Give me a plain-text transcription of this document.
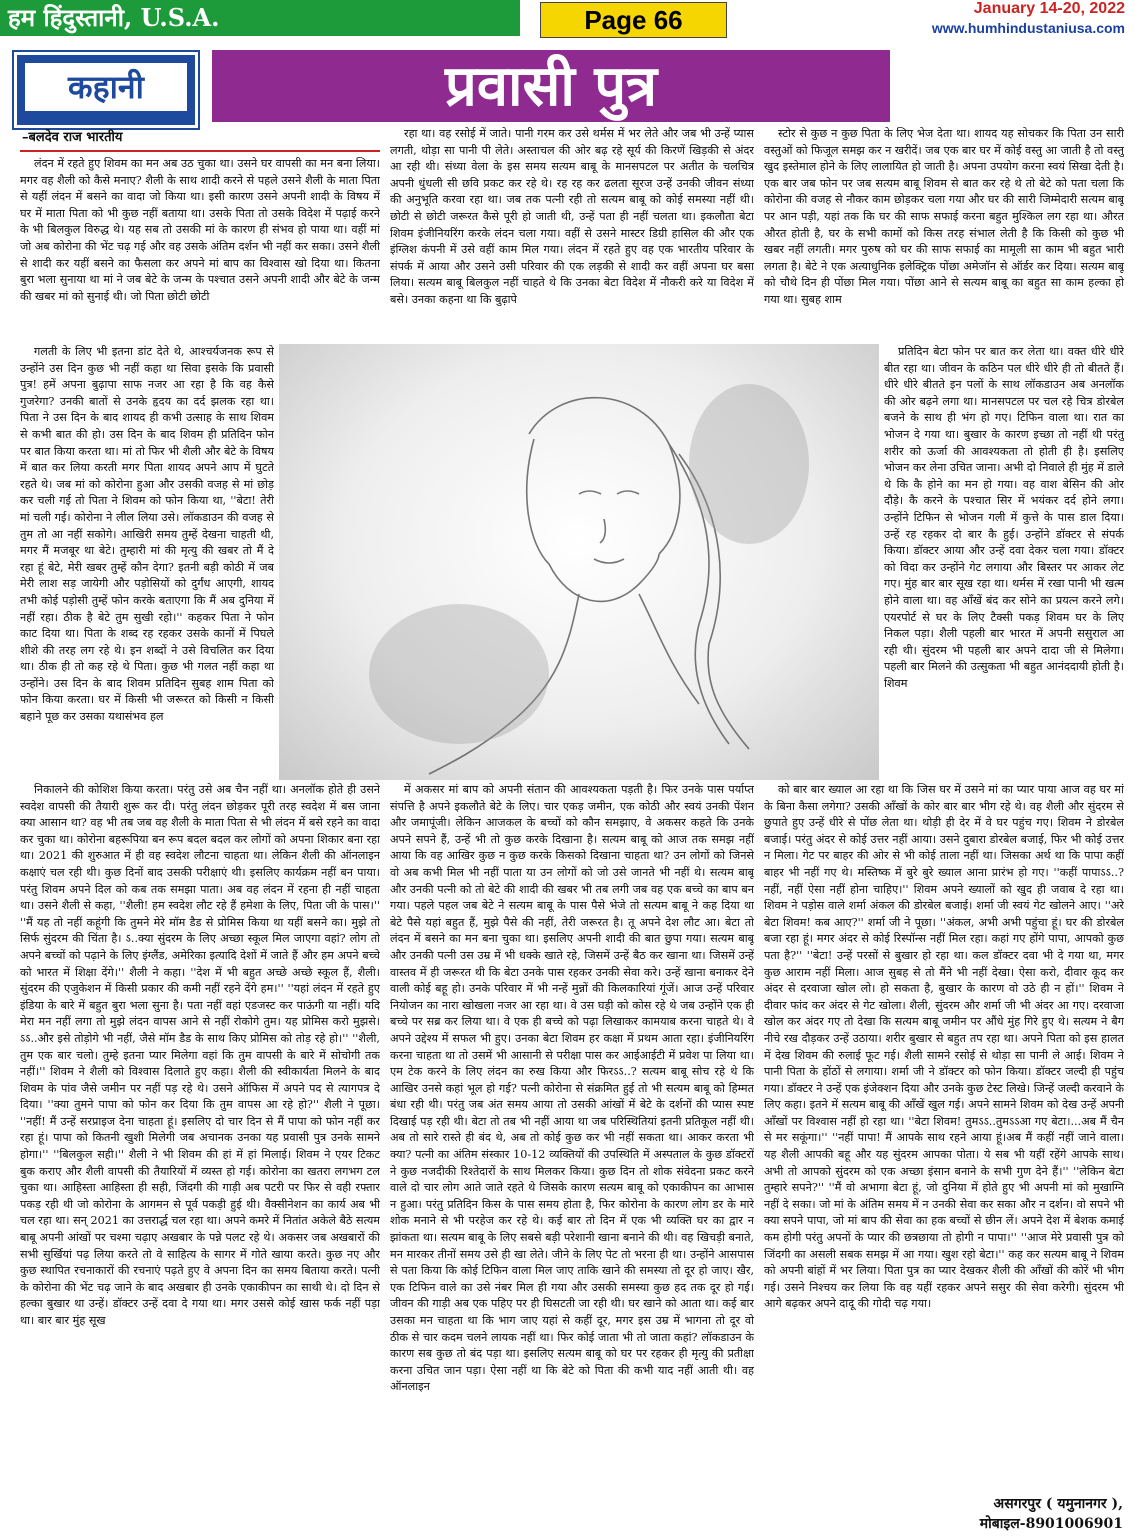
हम हिंदुस्तानी, U.S.A.	Page 66	January 14-20, 2022
www.humhindustaniusa.com
कहानी	प्रवासी पुत्र
–बलदेव राज भारतीय

लंदन में रहते हुए शिवम का मन अब उठ चुका था। उसने घर वापसी का मन बना लिया। मगर वह शैली को कैसे मनाए? शैली के साथ शादी करने से पहले उसने शैली के माता पिता से यहीं लंदन में बसने का वादा जो किया था। इसी कारण उसने अपनी शादी के विषय में घर में माता पिता को भी कुछ नहीं बताया था। उसके पिता तो उसके विदेश में पढ़ाई करने के भी बिलकुल विरुद्ध थे। यह सब तो उसकी मां के कारण ही संभव हो पाया था। वहीं मां जो अब कोरोना की भेंट चढ़ गई और वह उसके अंतिम दर्शन भी नहीं कर सका। उसने शैली से शादी कर यहीं बसने का फैसला कर अपने मां बाप का विश्वास खो दिया था। कितना बुरा भला सुनाया था मां ने जब बेटे के जन्म के पश्चात उसने अपनी शादी और बेटे के जन्म की खबर मां को सुनाई थी। जो पिता छोटी छोटी

गलती के लिए भी इतना डांट देते थे, आश्चर्यजनक रूप से उन्होंने उस दिन कुछ भी नहीं कहा था सिवा इसके कि प्रवासी पुत्र! हमें अपना बुढ़ापा साफ नजर आ रहा है कि वह कैसे गुजरेगा? उनकी बातों से उनके हृदय का दर्द झलक रहा था। पिता ने उस दिन के बाद शायद ही कभी उत्साह के साथ शिवम से कभी बात की हो। उस दिन के बाद शिवम ही प्रतिदिन फोन पर बात किया करता था। मां तो फिर भी शैली और बेटे के विषय में बात कर लिया करती मगर पिता शायद अपने आप में घुटते रहते थे। जब मां को कोरोना हुआ और उसकी वजह से मां छोड़ कर चली गई तो पिता ने शिवम को फोन किया था, ''बेटा! तेरी मां चली गई। कोरोना ने लील लिया उसे। लॉकडाउन की वजह से तुम तो आ नहीं सकोगे। आखिरी समय तुम्हें देखना चाहती थी, मगर मैं मजबूर था बेटे। तुम्हारी मां की मृत्यु की खबर तो मैं दे रहा हूं बेटे, मेरी खबर तुम्हें कौन देगा? इतनी बड़ी कोठी में जब मेरी लाश सड़ जायेगी और पड़ोसियों को दुर्गंध आएगी, शायद तभी कोई पड़ोसी तुम्हें फोन करके बताएगा कि मैं अब दुनिया में नहीं रहा। ठीक है बेटे तुम सुखी रहो।'' कहकर पिता ने फोन काट दिया था। पिता के शब्द रह रहकर उसके कानों में पिघले शीशे की तरह लग रहे थे। इन शब्दों ने उसे विचलित कर दिया था। ठीक ही तो कह रहे थे पिता। कुछ भी गलत नहीं कहा था उन्होंने। उस दिन के बाद शिवम प्रतिदिन सुबह शाम पिता को फोन किया करता। घर में किसी भी जरूरत को किसी न किसी बहाने पूछ कर उसका यथासंभव हल

निकालने की कोशिश किया करता। परंतु उसे अब चैन नहीं था। अनलॉक होते ही उसने स्वदेश वापसी की तैयारी शुरू कर दी। परंतु लंदन छोड़कर पूरी तरह स्वदेश में बस जाना क्या आसान था? वह भी तब जब वह शैली के माता पिता से भी लंदन में बसे रहने का वादा कर चुका था। कोरोना बहरूपिया बन रूप बदल बदल कर लोगों को अपना शिकार बना रहा था। 2021 की शुरुआत में ही वह स्वदेश लौटना चाहता था। लेकिन शैली की ऑनलाइन कक्षाएं चल रही थी। कुछ दिनों बाद उसकी परीक्षाएं थी। इसलिए कार्यक्रम नहीं बन पाया। परंतु शिवम अपने दिल को कब तक समझा पाता। अब वह लंदन में रहना ही नहीं चाहता था। उसने शैली से कहा, ''शैली! हम स्वदेश लौट रहे हैं हमेशा के लिए, पिता जी के पास।'' ''मैं यह तो नहीं कहूंगी कि तुमने मेरे मॉम डैड से प्रोमिस किया था यहीं बसने का। मुझे तो सिर्फ सुंदरम की चिंता है। ऽ..क्या सुंदरम के लिए अच्छा स्कूल मिल जाएगा वहां? लोग तो अपने बच्चों को पढ़ाने के लिए इंग्लैंड, अमेरिका इत्यादि देशों में जाते हैं और हम अपने बच्चे को भारत में शिक्षा देंगे।'' शैली ने कहा। ''देश में भी बहुत अच्छे अच्छे स्कूल हैं, शैली। सुंदरम की एजुकेशन में किसी प्रकार की कमी नहीं रहने देंगे हम।'' ''यहां लंदन में रहते हुए इंडिया के बारे में बहुत बुरा भला सुना है। पता नहीं वहां एडजस्ट कर पाऊंगी या नहीं। यदि मेरा मन नहीं लगा तो मुझे लंदन वापस आने से नहीं रोकोगे तुम। यह प्रोमिस करो मुझसे।ऽऽ..और इसे तोड़ोगे भी नहीं, जैसे मॉम डैड के साथ किए प्रोमिस को तोड़ रहे हो।'' ''शैली, तुम एक बार चलो। तुम्हे इतना प्यार मिलेगा वहां कि तुम वापसी के बारे में सोचोगी तक नहीं।'' शिवम ने शैली को विश्वास दिलाते हुए कहा। शैली की स्वीकार्यता मिलने के बाद शिवम के पांव जैसे जमीन पर नहीं पड़ रहे थे। उसने ऑफिस में अपने पद से त्यागपत्र दे दिया। ''क्या तुमने पापा को फोन कर दिया कि तुम वापस आ रहे हो?'' शैली ने पूछा। ''नहीं! मैं उन्हें सरप्राइज देना चाहता हूं। इसलिए दो चार दिन से मैं पापा को फोन नहीं कर रहा हूं। पापा को कितनी खुशी मिलेगी जब अचानक उनका यह प्रवासी पुत्र उनके सामने होगा।'' ''बिलकुल सही।'' शैली ने भी शिवम की हां में हां मिलाई। शिवम ने एयर टिकट बुक कराए और शैली वापसी की तैयारियों में व्यस्त हो गई। कोरोना का खतरा लगभग टल चुका था। आहिस्ता आहिस्ता ही सही, जिंदगी की गाड़ी अब पटरी पर फिर से वही रफ्तार पकड़ रही थी जो कोरोना के आगमन से पूर्व पकड़ी हुई थी। वैक्सीनेशन का कार्य अब भी चल रहा था। सन् 2021 का उत्तरार्द्ध चल रहा था। अपने कमरे में नितांत अकेले बैठे सत्यम बाबू अपनी आंखों पर चश्मा चढ़ाए अखबार के पन्ने पलट रहे थे। अकसर जब अखबारों की सभी सुर्खियां पढ़ लिया करते तो वे साहित्य के सागर में गोते खाया करते। कुछ नए और कुछ स्थापित रचनाकारों की रचनाएं पढ़ते हुए वे अपना दिन का समय बिताया करते। पत्नी के कोरोना की भेंट चढ़ जाने के बाद अखबार ही उनके एकाकीपन का साथी थे। दो दिन से हल्का बुखार था उन्हें। डॉक्टर उन्हें दवा दे गया था। मगर उससे कोई खास फर्क नहीं पड़ा था। बार बार मुंह सूख

रहा था। वह रसोई में जाते। पानी गरम कर उसे थर्मस में भर लेते और जब भी उन्हें प्यास लगती, थोड़ा सा पानी पी लेते। अस्ताचल की ओर बढ़ रहे सूर्य की किरणें खिड़की से अंदर आ रही थी। संध्या वेला के इस समय सत्यम बाबू के मानसपटल पर अतीत के चलचित्र अपनी धुंधली सी छवि प्रकट कर रहे थे। रह रह कर ढलता सूरज उन्हें उनकी जीवन संध्या की अनुभूति करवा रहा था। जब तक पत्नी रही तो सत्यम बाबू को कोई समस्या नहीं थी। छोटी से छोटी जरूरत कैसे पूरी हो जाती थी, उन्हें पता ही नहीं चलता था। इकलौता बेटा शिवम इंजीनियरिंग करके लंदन चला गया। वहीं से उसने मास्टर डिग्री हासिल की और एक इंग्लिश कंपनी में उसे वहीं काम मिल गया। लंदन में रहते हुए वह एक भारतीय परिवार के संपर्क में आया और उसने उसी परिवार की एक लड़की से शादी कर वहीं अपना घर बसा लिया। सत्यम बाबू बिलकुल नहीं चाहते थे कि उनका बेटा विदेश में नौकरी करे या विदेश में बसे। उनका कहना था कि बुढ़ापे

में अकसर मां बाप को अपनी संतान की आवश्यकता पड़ती है। फिर उनके पास पर्याप्त संपत्ति है अपने इकलौते बेटे के लिए। चार एकड़ जमीन, एक कोठी और स्वयं उनकी पेंशन और जमापूंजी। लेकिन आजकल के बच्चों को कौन समझाए, वे अकसर कहते कि उनके अपने सपने हैं, उन्हें भी तो कुछ करके दिखाना है। सत्यम बाबू को आज तक समझ नहीं आया कि वह आखिर कुछ न कुछ करके किसको दिखाना चाहता था? उन लोगों को जिनसे वो अब कभी मिल भी नहीं पाता या उन लोगों को जो उसे जानते भी नहीं थे। सत्यम बाबू और उनकी पत्नी को तो बेटे की शादी की खबर भी तब लगी जब वह एक बच्चे का बाप बन गया। पहले पहल जब बेटे ने सत्यम बाबू के पास पैसे भेजे तो सत्यम बाबू ने कह दिया था बेटे पैसे यहां बहुत हैं, मुझे पैसे की नहीं, तेरी जरूरत है। तू अपने देश लौट आ। बेटा तो लंदन में बसने का मन बना चुका था। इसलिए अपनी शादी की बात छुपा गया। सत्यम बाबू और उनकी पत्नी उस उम्र में भी धक्के खाते रहे, जिसमें उन्हें बैठ कर खाना था। जिसमें उन्हें वास्तव में ही जरूरत थी कि बेटा उनके पास रहकर उनकी सेवा करे। उन्हें खाना बनाकर देने वाली कोई बहू हो। उनके परिवार में भी नन्हें मुन्नों की किलकारियां गूंजें। आज उन्हें परिवार नियोजन का नारा खोखला नजर आ रहा था। वे उस घड़ी को कोस रहे थे जब उन्होंने एक ही बच्चे पर सब्र कर लिया था। वे एक ही बच्चे को पढ़ा लिखाकर कामयाब करना चाहते थे। वे अपने उद्देश्य में सफल भी हुए। उनका बेटा शिवम हर कक्षा में प्रथम आता रहा। इंजीनियरिंग करना चाहता था तो उसमें भी आसानी से परीक्षा पास कर आईआईटी में प्रवेश पा लिया था। एम टेक करने के लिए लंदन का रुख किया और फिरऽऽ..? सत्यम बाबू सोच रहे थे कि आखिर उनसे कहां भूल हो गई? पत्नी कोरोना से संक्रमित हुई तो भी सत्यम बाबू को हिम्मत बंधा रही थी। परंतु जब अंत समय आया तो उसकी आंखों में बेटे के दर्शनों की प्यास स्पष्ट दिखाई पड़ रही थी। बेटा तो तब भी नहीं आया था जब परिस्थितियां इतनी प्रतिकूल नहीं थी। अब तो सारे रास्ते ही बंद थे, अब तो कोई कुछ कर भी नहीं सकता था। आकर करता भी क्या? पत्नी का अंतिम संस्कार 10-12 व्यक्तियों की उपस्थिति में अस्पताल के कुछ डॉक्टरों ने कुछ नजदीकी रिश्तेदारों के साथ मिलकर किया। कुछ दिन तो शोक संवेदना प्रकट करने वाले दो चार लोग आते जाते रहते थे जिसके कारण सत्यम बाबू को एकाकीपन का आभास न हुआ। परंतु प्रतिदिन किस के पास समय होता है, फिर कोरोना के कारण लोग डर के मारे शोक मनाने से भी परहेज कर रहे थे। कई बार तो दिन में एक भी व्यक्ति घर का द्वार न झांकता था। सत्यम बाबू के लिए सबसे बड़ी परेशानी खाना बनाने की थी। वह खिचड़ी बनाते, मन मारकर तीनों समय उसे ही खा लेते। जीने के लिए पेट तो भरना ही था। उन्होंने आसपास से पता किया कि कोई टिफिन वाला मिल जाए ताकि खाने की समस्या तो दूर हो जाए। खैर, एक टिफिन वाले का उसे नंबर मिल ही गया और उसकी समस्या कुछ हद तक दूर हो गई। जीवन की गाड़ी अब एक पहिए पर ही घिसटती जा रही थी। घर खाने को आता था। कई बार उसका मन चाहता था कि भाग जाए यहां से कहीं दूर, मगर इस उम्र में भागना तो दूर वो ठीक से चार कदम चलने लायक नहीं था। फिर कोई जाता भी तो जाता कहां? लॉकडाउन के कारण सब कुछ तो बंद पड़ा था। इसलिए सत्यम बाबू को घर पर रहकर ही मृत्यु की प्रतीक्षा करना उचित जान पड़ा। ऐसा नहीं था कि बेटे को पिता की कभी याद नहीं आती थी। वह ऑनलाइन

स्टोर से कुछ न कुछ पिता के लिए भेज देता था। शायद यह सोचकर कि पिता उन सारी वस्तुओं को फिजूल समझ कर न खरीदें। जब एक बार घर में कोई वस्तु आ जाती है तो वस्तु खुद इस्तेमाल होने के लिए लालायित हो जाती है। अपना उपयोग करना स्वयं सिखा देती है। एक बार जब फोन पर जब सत्यम बाबू शिवम से बात कर रहे थे तो बेटे को पता चला कि कोरोना की वजह से नौकर काम छोड़कर चला गया और घर की सारी जिम्मेदारी सत्यम बाबू पर आन पड़ी, यहां तक कि घर की साफ सफाई करना बहुत मुश्किल लग रहा था। औरत औरत होती है, घर के सभी कामों को किस तरह संभाल लेती है कि किसी को कुछ भी खबर नहीं लगती। मगर पुरुष को घर की साफ सफाई का मामूली सा काम भी बहुत भारी लगता है। बेटे ने एक अत्याधुनिक इलेक्ट्रिक पोंछा अमेजॉन से ऑर्डर कर दिया। सत्यम बाबू को चौथे दिन ही पोंछा मिल गया। पोंछा आने से सत्यम बाबू का बहुत सा काम हल्का हो गया था। सुबह शाम

प्रतिदिन बेटा फोन पर बात कर लेता था। वक्त धीरे धीरे बीत रहा था। जीवन के कठिन पल धीरे धीरे ही तो बीतते हैं। धीरे धीरे बीतते इन पलों के साथ लॉकडाउन अब अनलॉक की ओर बढ़ने लगा था। मानसपटल पर चल रहे चित्र डोरबेल बजने के साथ ही भंग हो गए। टिफिन वाला था। रात का भोजन दे गया था। बुखार के कारण इच्छा तो नहीं थी परंतु शरीर को ऊर्जा की आवश्यकता तो होती ही है। इसलिए भोजन कर लेना उचित जाना। अभी दो निवाले ही मुंह में डाले थे कि कै होने का मन हो गया। वह वाश बेसिन की ओर दौड़े। कै करने के पश्चात सिर में भयंकर दर्द होने लगा। उन्होंने टिफिन से भोजन गली में कुत्ते के पास डाल दिया। उन्हें रह रहकर दो बार कै हुई। उन्होंने डॉक्टर से संपर्क किया। डॉक्टर आया और उन्हें दवा देकर चला गया। डॉक्टर को विदा कर उन्होंने गेट लगाया और बिस्तर पर आकर लेट गए। मुंह बार बार सूख रहा था। थर्मस में रखा पानी भी खत्म होने वाला था। वह आँखें बंद कर सोने का प्रयत्न करने लगे। एयरपोर्ट से घर के लिए टैक्सी पकड़ शिवम घर के लिए निकल पड़ा। शैली पहली बार भारत में अपनी ससुराल आ रही थी। सुंदरम भी पहली बार अपने दादा जी से मिलेगा। पहली बार मिलने की उत्सुकता भी बहुत आनंददायी होती है। शिवम

को बार बार ख्याल आ रहा था कि जिस घर में उसने मां का प्यार पाया आज वह घर मां के बिना कैसा लगेगा? उसकी आँखों के कोर बार बार भीग रहे थे। वह शैली और सुंदरम से छुपाते हुए उन्हें धीरे से पोंछ लेता था। थोड़ी ही देर में वे घर पहुंच गए। शिवम ने डोरबेल बजाई। परंतु अंदर से कोई उत्तर नहीं आया। उसने दुबारा डोरबेल बजाई, फिर भी कोई उत्तर न मिला। गेट पर बाहर की ओर से भी कोई ताला नहीं था। जिसका अर्थ था कि पापा कहीं बाहर भी नहीं गए थे। मस्तिष्क में बुरे बुरे ख्याल आना प्रारंभ हो गए। ''कहीं पापाऽऽ..? नहीं, नहीं ऐसा नहीं होना चाहिए।'' शिवम अपने ख्यालों को खुद ही जवाब दे रहा था। शिवम ने पड़ोस वाले शर्मा अंकल की डोरबेल बजाई। शर्मा जी स्वयं गेट खोलने आए। ''अरे बेटा शिवम! कब आए?'' शर्मा जी ने पूछा। ''अंकल, अभी अभी पहुंचा हूं। घर की डोरबेल बजा रहा हूं। मगर अंदर से कोई रिस्पॉन्स नहीं मिल रहा। कहां गए होंगे पापा, आपको कुछ पता है?'' ''बेटा! उन्हें परसों से बुखार हो रहा था। कल डॉक्टर दवा भी दे गया था, मगर कुछ आराम नहीं मिला। आज सुबह से तो मैंने भी नहीं देखा। ऐसा करो, दीवार कूद कर अंदर से दरवाजा खोल लो। हो सकता है, बुखार के कारण वो उठे ही न हों।'' शिवम ने दीवार फांद कर अंदर से गेट खोला। शैली, सुंदरम और शर्मा जी भी अंदर आ गए। दरवाजा खोल कर अंदर गए तो देखा कि सत्यम बाबू जमीन पर औंधे मुंह गिरे हुए थे। सत्यम ने बैग नीचे रख दौड़कर उन्हें उठाया। शरीर बुखार से बहुत तप रहा था। अपने पिता को इस हालत में देख शिवम की रुलाई फूट गई। शैली सामने रसोई से थोड़ा सा पानी ले आई। शिवम ने पानी पिता के होंठों से लगाया। शर्मा जी ने डॉक्टर को फोन किया। डॉक्टर जल्दी ही पहुंच गया। डॉक्टर ने उन्हें एक इंजेक्शन दिया और उनके कुछ टेस्ट लिखे। जिन्हें जल्दी करवाने के लिए कहा। इतने में सत्यम बाबू की आँखें खुल गई। अपने सामने शिवम को देख उन्हें अपनी आँखों पर विश्वास नहीं हो रहा था। ''बेटा शिवम! तुमऽऽ..तुमऽऽआ गए बेटा।...अब मैं चैन से मर सकूंगा।'' ''नहीं पापा! मैं आपके साथ रहने आया हूं।अब मैं कहीं नहीं जाने वाला। यह शैली आपकी बहू और यह सुंदरम आपका पोता। ये सब भी यहीं रहेंगे आपके साथ। अभी तो आपको सुंदरम को एक अच्छा इंसान बनाने के सभी गुण देने हैं।'' ''लेकिन बेटा तुम्हारे सपने?'' ''मैं वो अभागा बेटा हूं, जो दुनिया में होते हुए भी अपनी मां को मुखाग्नि नहीं दे सका। जो मां के अंतिम समय में न उनकी सेवा कर सका और न दर्शन। वो सपने भी क्या सपने पापा, जो मां बाप की सेवा का हक बच्चों से छीन लें। अपने देश में बेशक कमाई कम होगी परंतु अपनों के प्यार की छत्रछाया तो होगी न पापा।'' ''आज मेरे प्रवासी पुत्र को जिंदगी का असली सबक समझ में आ गया। खुश रहो बेटा।'' कह कर सत्यम बाबू ने शिवम को अपनी बांहों में भर लिया। पिता पुत्र का प्यार देखकर शैली की आँखों की कोरें भी भीग गई। उसने निश्चय कर लिया कि वह यहीं रहकर अपने ससुर की सेवा करेगी। सुंदरम भी आगे बढ़कर अपने दादू की गोदी चढ़ गया।

असगरपुर ( यमुनानगर ),
मोबाइल-8901006901
